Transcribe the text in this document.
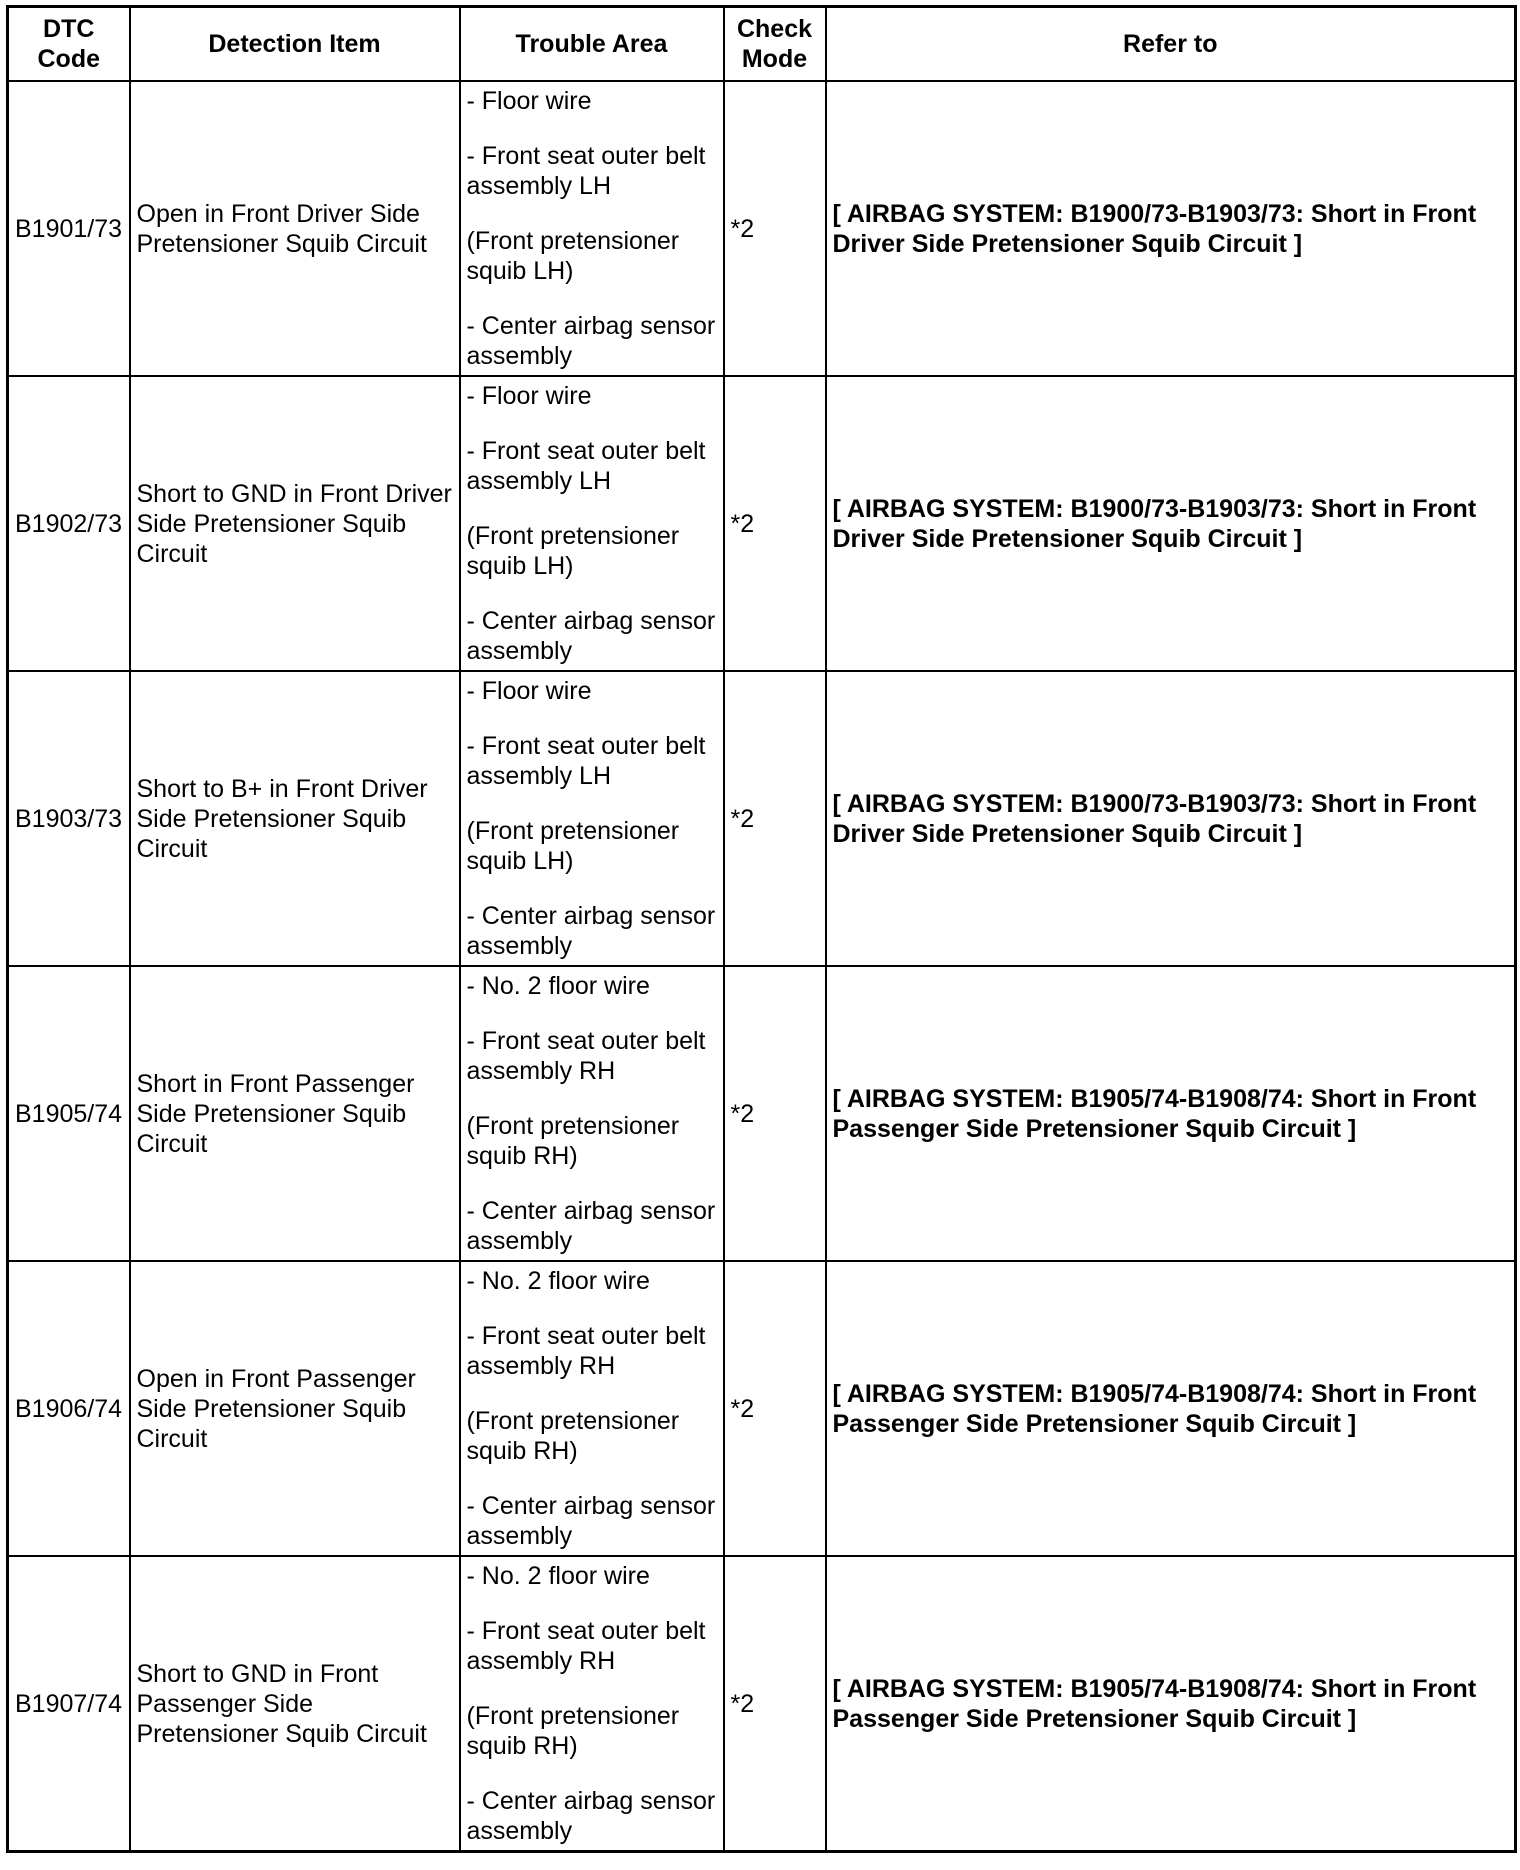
DTC Code	Detection Item	Trouble Area	Check Mode	Refer to
B1901/73	Open in Front Driver Side Pretensioner Squib Circuit	- Floor wire
- Front seat outer belt assembly LH
(Front pretensioner squib LH)
- Center airbag sensor assembly	*2	[ AIRBAG SYSTEM: B1900/73-B1903/73: Short in Front Driver Side Pretensioner Squib Circuit ]
B1902/73	Short to GND in Front Driver Side Pretensioner Squib Circuit	- Floor wire
- Front seat outer belt assembly LH
(Front pretensioner squib LH)
- Center airbag sensor assembly	*2	[ AIRBAG SYSTEM: B1900/73-B1903/73: Short in Front Driver Side Pretensioner Squib Circuit ]
B1903/73	Short to B+ in Front Driver Side Pretensioner Squib Circuit	- Floor wire
- Front seat outer belt assembly LH
(Front pretensioner squib LH)
- Center airbag sensor assembly	*2	[ AIRBAG SYSTEM: B1900/73-B1903/73: Short in Front Driver Side Pretensioner Squib Circuit ]
B1905/74	Short in Front Passenger Side Pretensioner Squib Circuit	- No. 2 floor wire
- Front seat outer belt assembly RH
(Front pretensioner squib RH)
- Center airbag sensor assembly	*2	[ AIRBAG SYSTEM: B1905/74-B1908/74: Short in Front Passenger Side Pretensioner Squib Circuit ]
B1906/74	Open in Front Passenger Side Pretensioner Squib Circuit	- No. 2 floor wire
- Front seat outer belt assembly RH
(Front pretensioner squib RH)
- Center airbag sensor assembly	*2	[ AIRBAG SYSTEM: B1905/74-B1908/74: Short in Front Passenger Side Pretensioner Squib Circuit ]
B1907/74	Short to GND in Front Passenger Side Pretensioner Squib Circuit	- No. 2 floor wire
- Front seat outer belt assembly RH
(Front pretensioner squib RH)
- Center airbag sensor assembly	*2	[ AIRBAG SYSTEM: B1905/74-B1908/74: Short in Front Passenger Side Pretensioner Squib Circuit ]
